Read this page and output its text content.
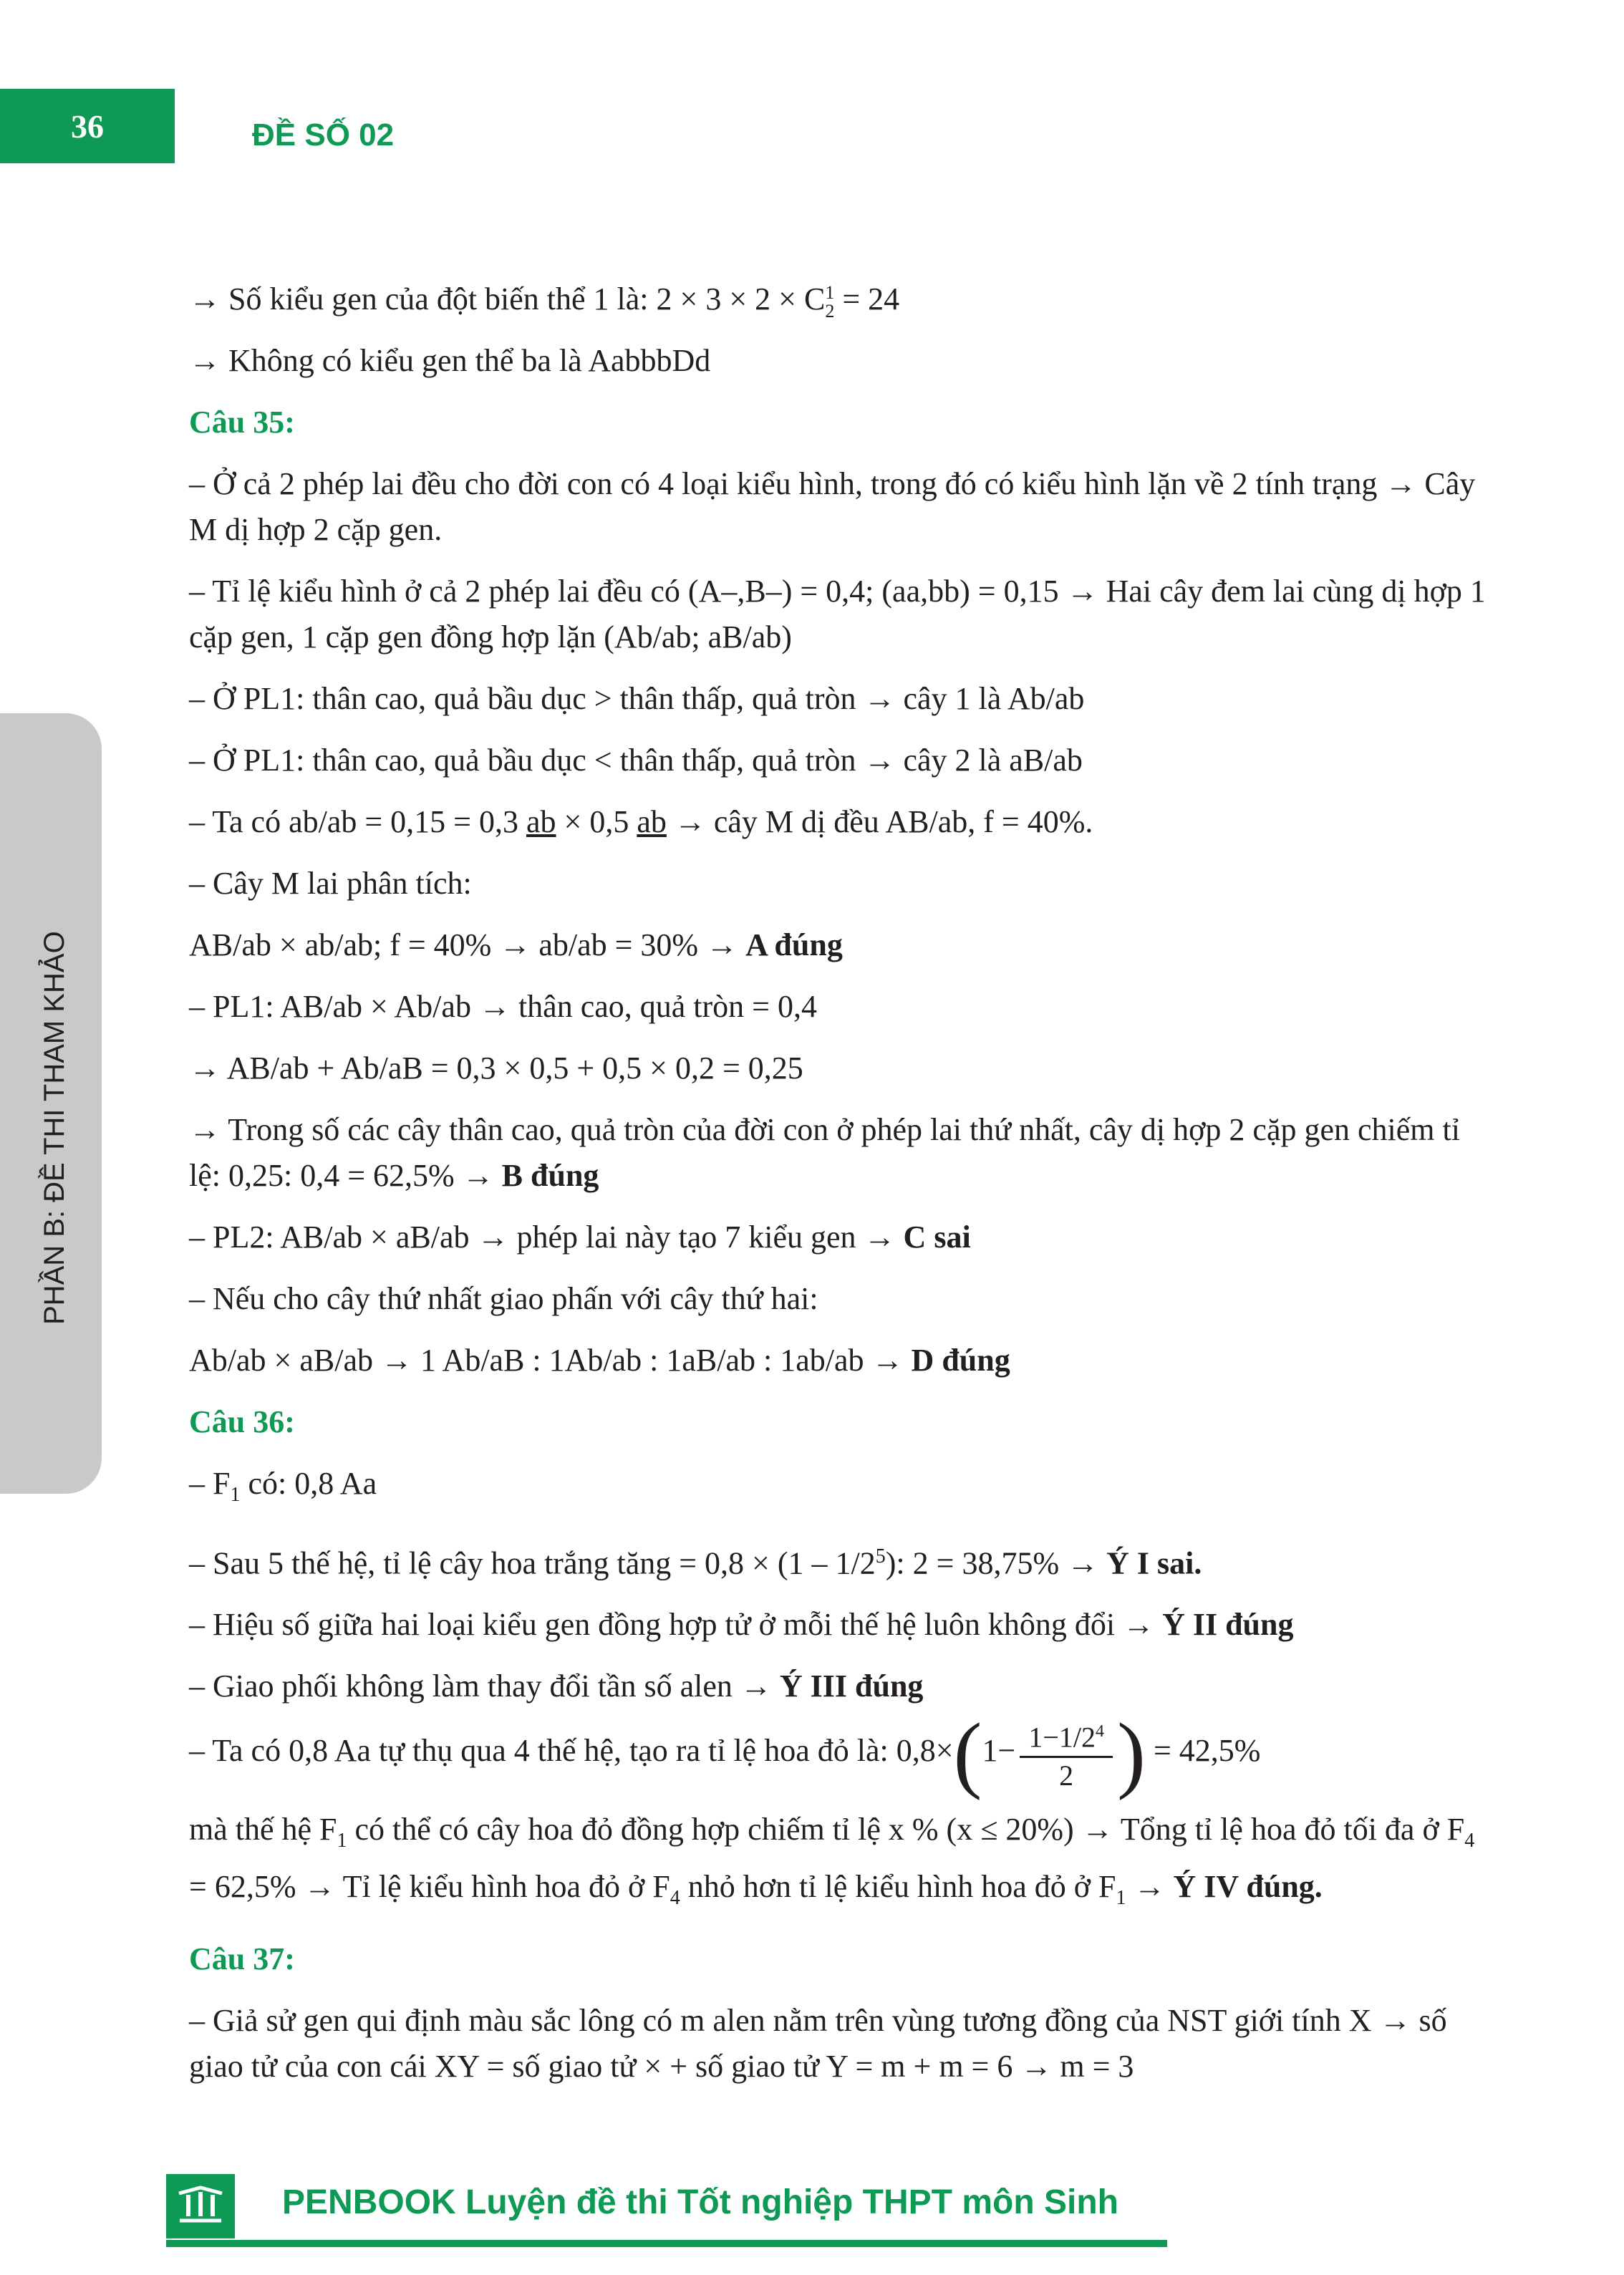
36	ĐỀ SỐ 02
PHẦN B: ĐỀ THI THAM KHẢO

→ Số kiểu gen của đột biến thể 1 là: 2 × 3 × 2 × C 1
2 = 24

→ Không có kiểu gen thể ba là AabbbDd

Câu 35:

– Ở cả 2 phép lai đều cho đời con có 4 loại kiểu hình, trong đó có kiểu hình lặn về 2 tính trạng → Cây M dị hợp 2 cặp gen.

– Tỉ lệ kiểu hình ở cả 2 phép lai đều có (A–,B–) = 0,4; (aa,bb) = 0,15 → Hai cây đem lai cùng dị hợp 1 cặp gen, 1 cặp gen đồng hợp lặn (Ab/ab; aB/ab)

– Ở PL1: thân cao, quả bầu dục > thân thấp, quả tròn → cây 1 là Ab/ab

– Ở PL1: thân cao, quả bầu dục < thân thấp, quả tròn → cây 2 là aB/ab

– Ta có ab/ab = 0,15 = 0,3 ab × 0,5 ab → cây M dị đều AB/ab, f = 40%.

– Cây M lai phân tích:

AB/ab × ab/ab; f = 40% → ab/ab = 30% → A đúng

– PL1: AB/ab × Ab/ab → thân cao, quả tròn = 0,4

→ AB/ab + Ab/aB = 0,3 × 0,5 + 0,5 × 0,2 = 0,25

→ Trong số các cây thân cao, quả tròn của đời con ở phép lai thứ nhất, cây dị hợp 2 cặp gen chiếm tỉ lệ: 0,25: 0,4 = 62,5% → B đúng

– PL2: AB/ab × aB/ab → phép lai này tạo 7 kiểu gen → C sai

– Nếu cho cây thứ nhất giao phấn với cây thứ hai:

Ab/ab × aB/ab → 1 Ab/aB : 1Ab/ab : 1aB/ab : 1ab/ab → D đúng

Câu 36:

– $F_1$ có: 0,8 Aa

– Sau 5 thế hệ, tỉ lệ cây hoa trắng tăng = $0,8 \times (1 - 1/2^5)$: 2 = 38,75% → Ý I sai.

– Hiệu số giữa hai loại kiểu gen đồng hợp tử ở mỗi thế hệ luôn không đổi → Ý II đúng

– Giao phối không làm thay đổi tần số alen → Ý III đúng

– Ta có 0,8 Aa tự thụ qua 4 thế hệ, tạo ra tỉ lệ hoa đỏ là: $0,8\times(1- \frac{1-1/2^4}{2}$ ) = 42,5%

mà thế hệ $F_1$ có thể có cây hoa đỏ đồng hợp chiếm tỉ lệ x % (x ≤ 20%) → Tổng tỉ lệ hoa đỏ tối đa ở $F_4 = 62,5\%$ → Tỉ lệ kiểu hình hoa đỏ ở $F_4$ nhỏ hơn tỉ lệ kiểu hình hoa đỏ ở $F_1$ → Ý IV đúng.

Câu 37:

– Giả sử gen qui định màu sắc lông có m alen nằm trên vùng tương đồng của NST giới tính X → số giao tử của con cái XY = số giao tử × + số giao tử Y = m + m = 6 → m = 3

PENBOOK Luyện đề thi Tốt nghiệp THPT môn Sinh
